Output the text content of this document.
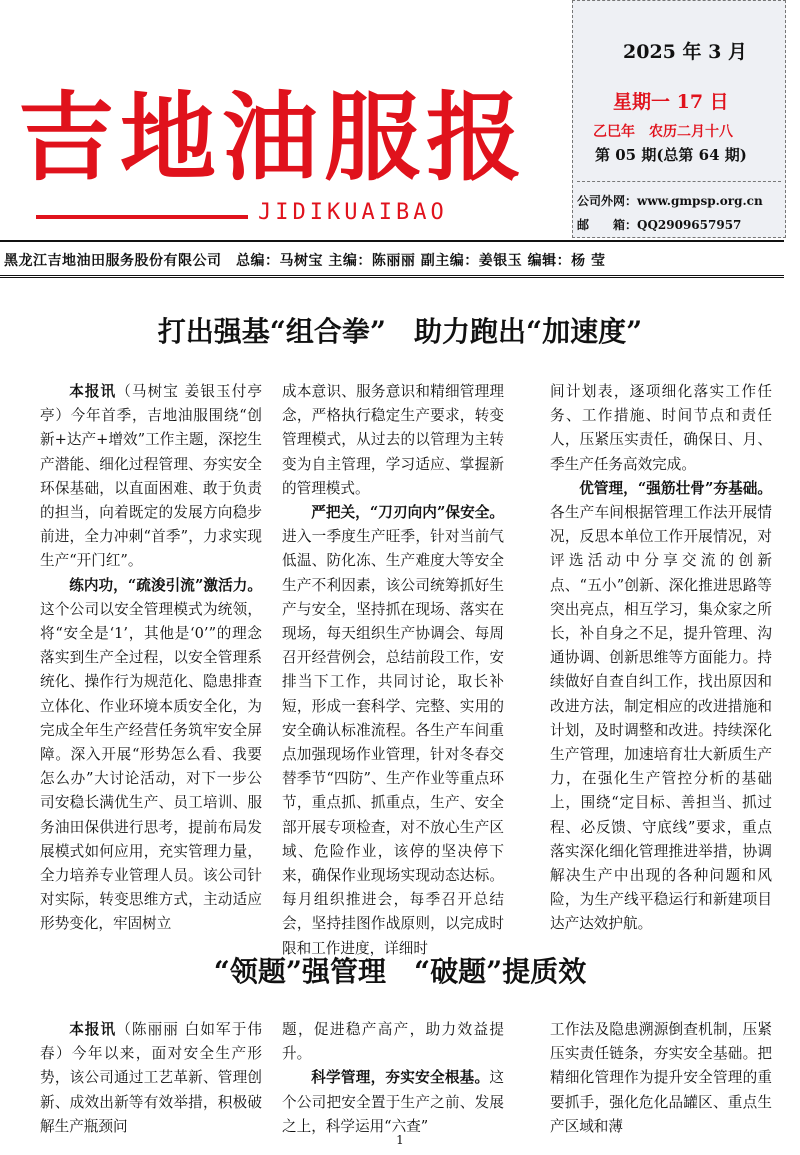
吉地油服报
JIDIKUAIBAO
2025 年 3 月
星期一 17 日
乙巳年　农历二月十八
第 05 期(总第 64 期)
公司外网：www.gmpsp.org.cn
邮　　箱：QQ2909657957
黑龙江吉地油田服务股份有限公司　总编：马树宝 主编：陈丽丽 副主编：姜银玉 编辑：杨 莹
打出强基“组合拳”　助力跑出“加速度”

本报讯（马树宝 姜银玉付亭亭）今年首季，吉地油服围绕“创新+达产+增效”工作主题，深挖生产潜能、细化过程管理、夯实安全环保基础，以直面困难、敢于负责的担当，向着既定的发展方向稳步前进，全力冲刺“首季”，力求实现生产“开门红”。

练内功，“疏浚引流”激活力。这个公司以安全管理模式为统领，将“安全是‘1’，其他是‘0’”的理念落实到生产全过程，以安全管理系统化、操作行为规范化、隐患排查立体化、作业环境本质安全化，为完成全年生产经营任务筑牢安全屏障。深入开展“形势怎么看、我要怎么办”大讨论活动，对下一步公司安稳长满优生产、员工培训、服务油田保供进行思考，提前布局发展模式如何应用，充实管理力量，全力培养专业管理人员。该公司针对实际，转变思维方式，主动适应形势变化，牢固树立

成本意识、服务意识和精细管理理念，严格执行稳定生产要求，转变管理模式，从过去的以管理为主转变为自主管理，学习适应、掌握新的管理模式。

严把关，“刀刃向内”保安全。进入一季度生产旺季，针对当前气低温、防化冻、生产难度大等安全生产不利因素，该公司统筹抓好生产与安全，坚持抓在现场、落实在现场，每天组织生产协调会、每周召开经营例会，总结前段工作，安排当下工作，共同讨论，取长补短，形成一套科学、完整、实用的安全确认标准流程。各生产车间重点加强现场作业管理，针对冬春交替季节“四防”、生产作业等重点环节，重点抓、抓重点，生产、安全部开展专项检查，对不放心生产区域、危险作业，该停的坚决停下来，确保作业现场实现动态达标。每月组织推进会，每季召开总结会，坚持挂图作战原则，以完成时限和工作进度，详细时

间计划表，逐项细化落实工作任务、工作措施、时间节点和责任人，压紧压实责任，确保日、月、季生产任务高效完成。

优管理，“强筋壮骨”夯基础。各生产车间根据管理工作法开展情况，反思本单位工作开展情况，对评选活动中分享交流的创新点、“五小”创新、深化推进思路等突出亮点，相互学习，集众家之所长，补自身之不足，提升管理、沟通协调、创新思维等方面能力。持续做好自查自纠工作，找出原因和改进方法，制定相应的改进措施和计划，及时调整和改进。持续深化生产管理，加速培育壮大新质生产力，在强化生产管控分析的基础上，围绕“定目标、善担当、抓过程、必反馈、守底线”要求，重点落实深化细化管理推进举措，协调解决生产中出现的各种问题和风险，为生产线平稳运行和新建项目达产达效护航。

“领题”强管理　“破题”提质效

本报讯（陈丽丽 白如军于伟春）今年以来，面对安全生产形势，该公司通过工艺革新、管理创新、成效出新等有效举措，积极破解生产瓶颈问

题，促进稳产高产，助力效益提升。

科学管理，夯实安全根基。这个公司把安全置于生产之前、发展之上，科学运用“六查”

工作法及隐患溯源倒查机制，压紧压实责任链条，夯实安全基础。把精细化管理作为提升安全管理的重要抓手，强化危化品罐区、重点生产区域和薄

1
